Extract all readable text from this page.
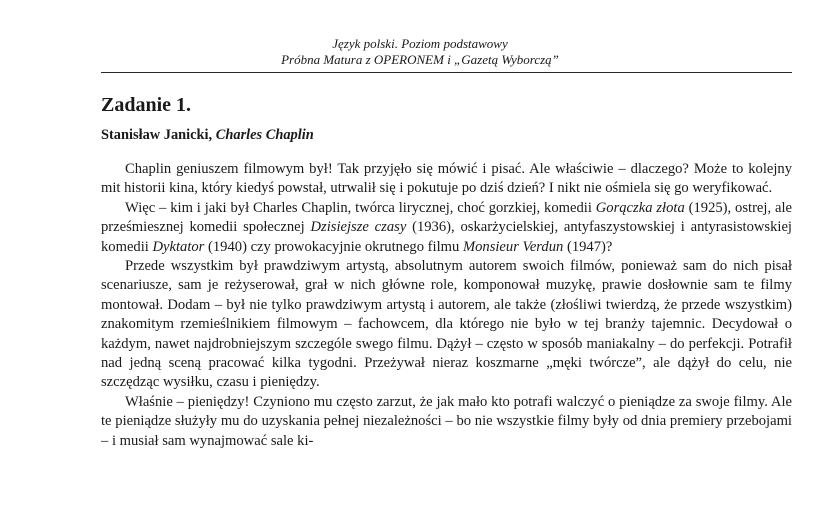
Język polski. Poziom podstawowy
Próbna Matura z OPERONEM i „Gazetą Wyborczą”
Zadanie 1.
Stanisław Janicki, Charles Chaplin

Chaplin geniuszem filmowym był! Tak przyjęło się mówić i pisać. Ale właściwie – dlaczego? Może to kolejny mit historii kina, który kiedyś powstał, utrwalił się i pokutuje po dziś dzień? I nikt nie ośmiela się go weryfikować.

Więc – kim i jaki był Charles Chaplin, twórca lirycznej, choć gorzkiej, komedii Gorączka złota (1925), ostrej, ale prześmiesznej komedii społecznej Dzisiejsze czasy (1936), oskarżycielskiej, antyfaszystowskiej i antyrasistowskiej komedii Dyktator (1940) czy prowokacyjnie okrutnego filmu Monsieur Verdun (1947)?

Przede wszystkim był prawdziwym artystą, absolutnym autorem swoich filmów, ponieważ sam do nich pisał scenariusze, sam je reżyserował, grał w nich główne role, komponował muzykę, prawie dosłownie sam te filmy montował. Dodam – był nie tylko prawdziwym artystą i autorem, ale także (złośliwi twierdzą, że przede wszystkim) znakomitym rzemieślnikiem filmowym – fachowcem, dla którego nie było w tej branży tajemnic. Decydował o każdym, nawet najdrobniejszym szczególe swego filmu. Dążył – często w sposób maniakalny – do perfekcji. Potrafił nad jedną sceną pracować kilka tygodni. Przeżywał nieraz koszmarne „męki twórcze”, ale dążył do celu, nie szczędząc wysiłku, czasu i pieniędzy.

Właśnie – pieniędzy! Czyniono mu często zarzut, że jak mało kto potrafi walczyć o pieniądze za swoje filmy. Ale te pieniądze służyły mu do uzyskania pełnej niezależności – bo nie wszystkie filmy były od dnia premiery przebojami – i musiał sam wynajmować sale ki-
